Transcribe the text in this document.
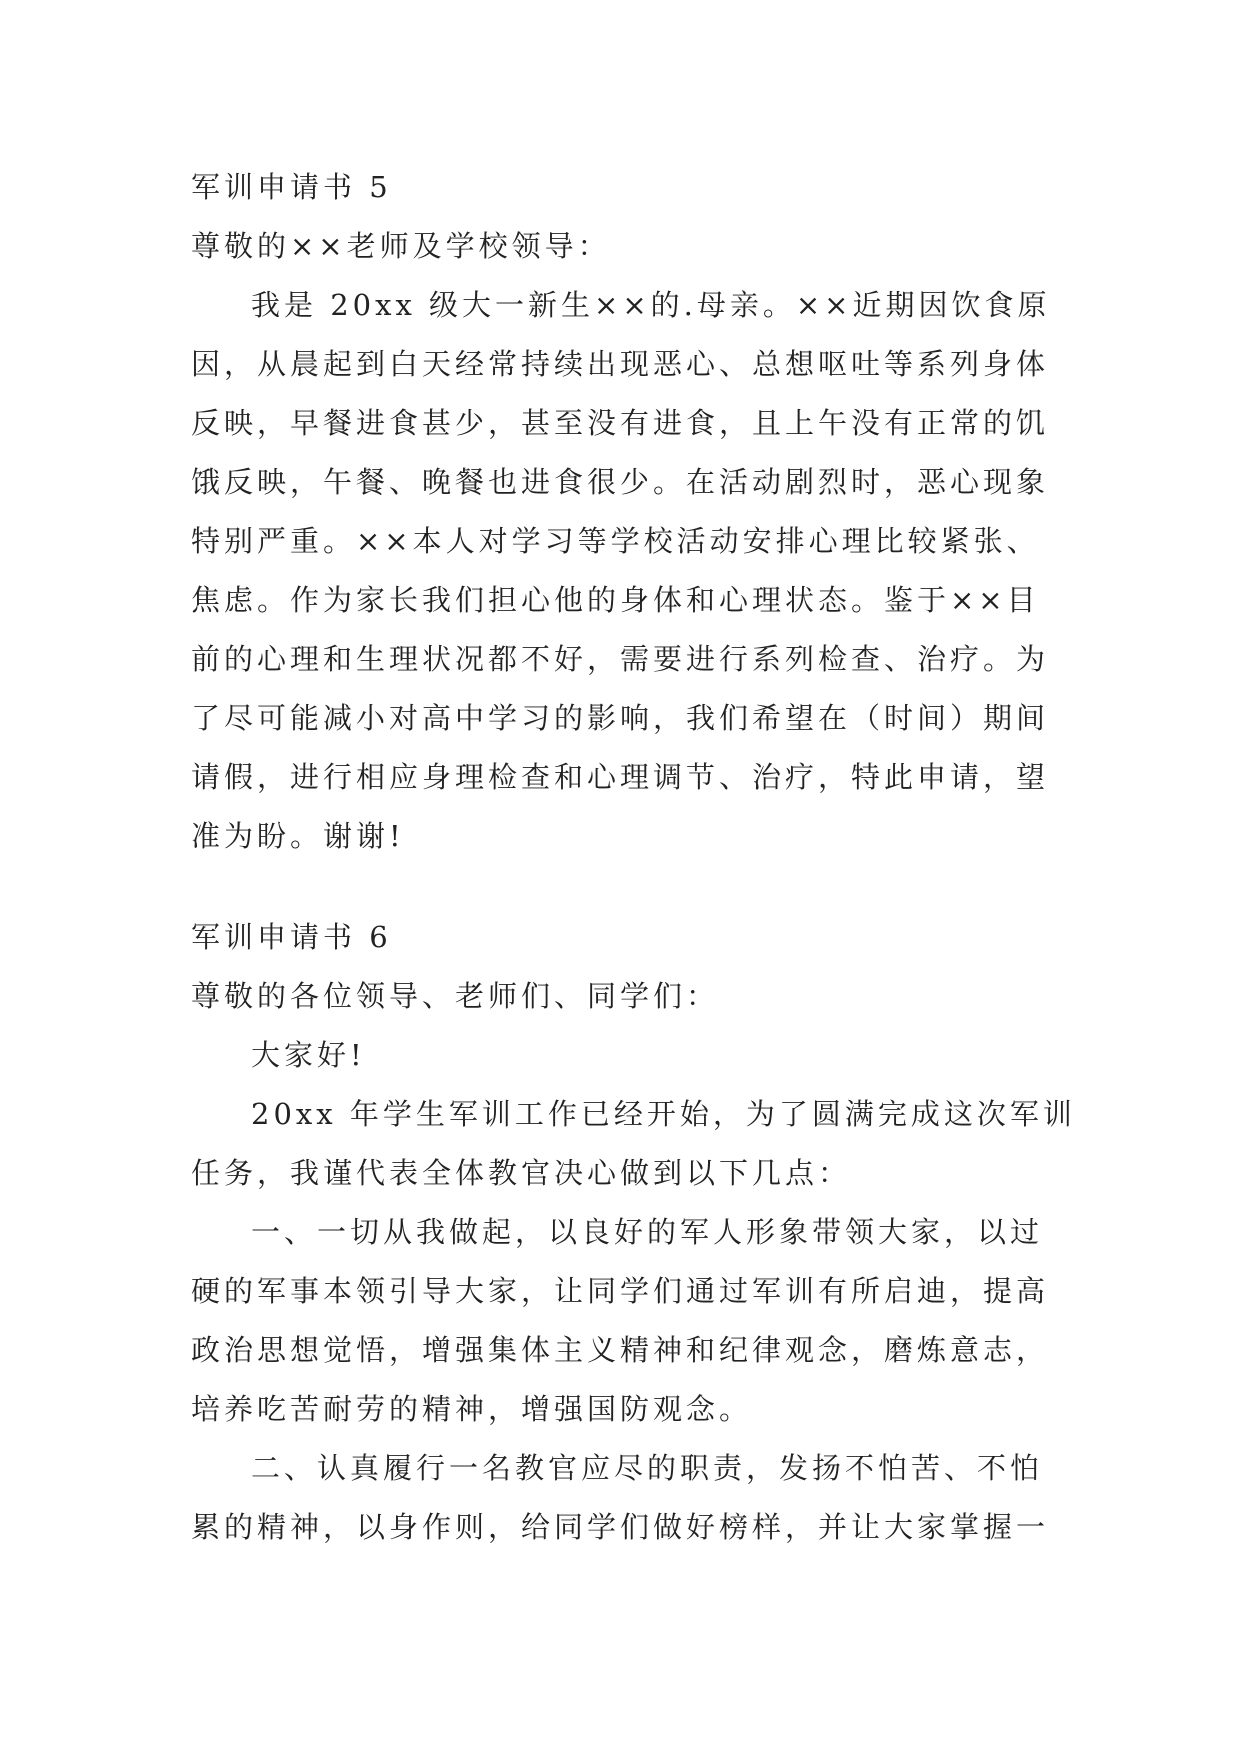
军训申请书 5
尊敬的××老师及学校领导：
我是 20xx 级大一新生××的.母亲。××近期因饮食原
因，从晨起到白天经常持续出现恶心、总想呕吐等系列身体
反映，早餐进食甚少，甚至没有进食，且上午没有正常的饥
饿反映，午餐、晚餐也进食很少。在活动剧烈时，恶心现象
特别严重。××本人对学习等学校活动安排心理比较紧张、
焦虑。作为家长我们担心他的身体和心理状态。鉴于××目
前的心理和生理状况都不好，需要进行系列检查、治疗。为
了尽可能减小对高中学习的影响，我们希望在（时间）期间
请假，进行相应身理检查和心理调节、治疗，特此申请，望
准为盼。谢谢!
军训申请书 6
尊敬的各位领导、老师们、同学们：
大家好!
20xx 年学生军训工作已经开始，为了圆满完成这次军训
任务，我谨代表全体教官决心做到以下几点：
一、一切从我做起，以良好的军人形象带领大家，以过
硬的军事本领引导大家，让同学们通过军训有所启迪，提高
政治思想觉悟，增强集体主义精神和纪律观念，磨炼意志，
培养吃苦耐劳的精神，增强国防观念。
二、认真履行一名教官应尽的职责，发扬不怕苦、不怕
累的精神，以身作则，给同学们做好榜样，并让大家掌握一
